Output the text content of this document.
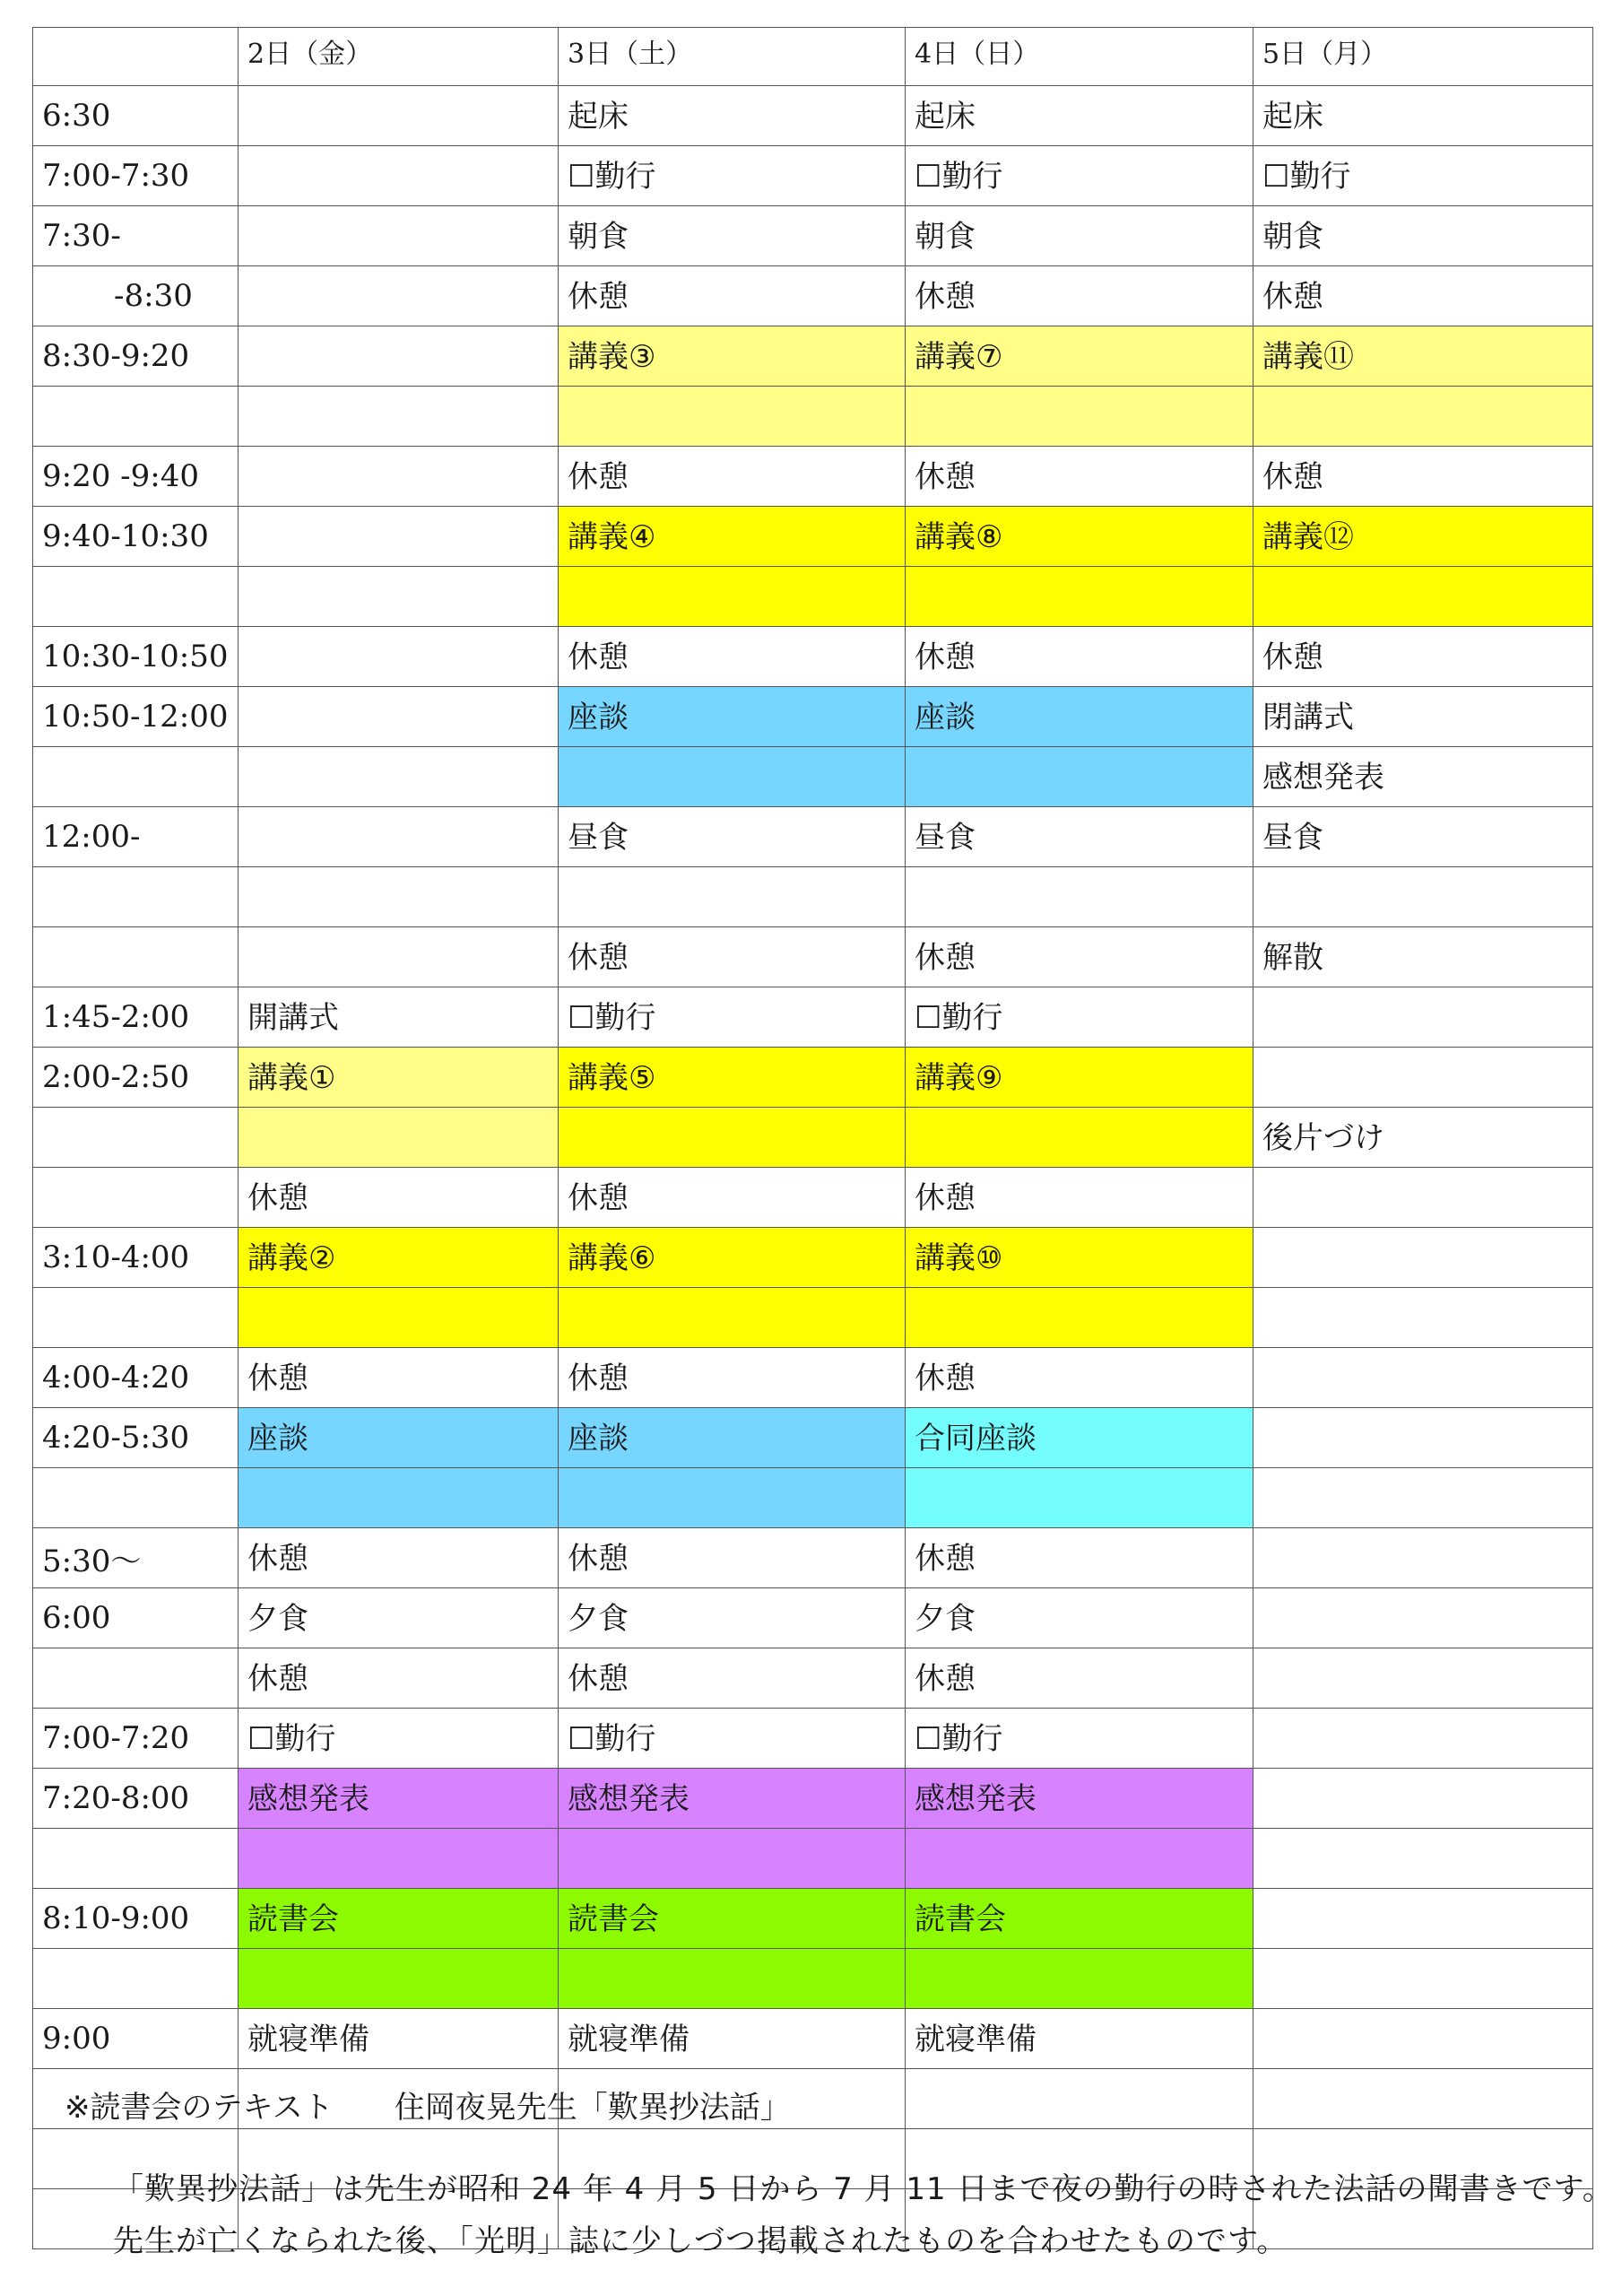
	2日（金）	3日（土）	4日（日）	5日（月）
6:30		起床	起床	起床
7:00-7:30		☐勤行	☐勤行	☐勤行
7:30-		朝食	朝食	朝食
-8:30		休憩	休憩	休憩
8:30-9:20		講義③	講義⑦	講義⑪

9:20 -9:40		休憩	休憩	休憩
9:40-10:30		講義④	講義⑧	講義⑫

10:30-10:50		休憩	休憩	休憩
10:50-12:00		座談	座談	閉講式
				感想発表
12:00-		昼食	昼食	昼食

		休憩	休憩	解散
1:45-2:00	開講式	☐勤行	☐勤行	
2:00-2:50	講義①	講義⑤	講義⑨	
				後片づけ
	休憩	休憩	休憩	
3:10-4:00	講義②	講義⑥	講義⑩	

4:00-4:20	休憩	休憩	休憩	
4:20-5:30	座談	座談	合同座談	

5:30〜	休憩	休憩	休憩	
6:00	夕食	夕食	夕食	
	休憩	休憩	休憩	
7:00-7:20	☐勤行	☐勤行	☐勤行	
7:20-8:00	感想発表	感想発表	感想発表	

8:10-9:00	読書会	読書会	読書会	

9:00	就寝準備	就寝準備	就寝準備	

※読書会のテキスト　　住岡夜晃先生「歎異抄法話」
「歎異抄法話」は先生が昭和 24 年 4 月 5 日から 7 月 11 日まで夜の勤行の時された法話の聞書きです。先生が亡くなられた後、「光明」誌に少しづつ掲載されたものを合わせたものです。
